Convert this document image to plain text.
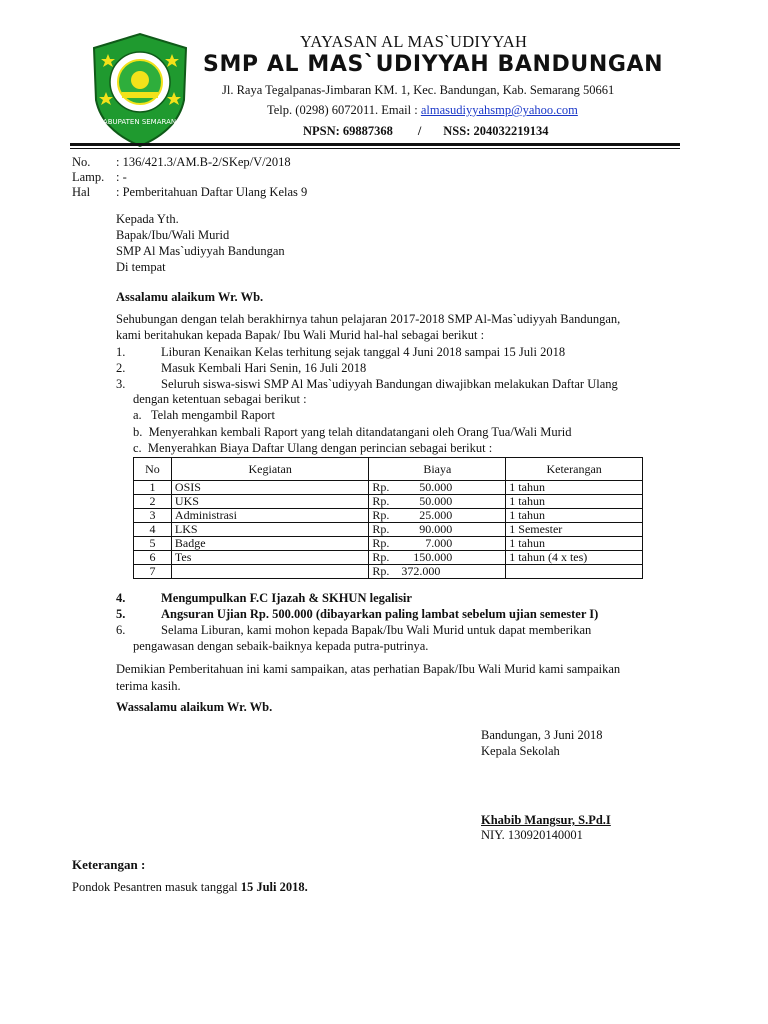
KABUPATEN SEMARANG
YAYASAN AL MAS`UDIYYAH
SMP AL MAS`UDIYYAH BANDUNGAN
Jl. Raya Tegalpanas-Jimbaran KM. 1, Kec. Bandungan, Kab. Semarang 50661
Telp. (0298) 6072011. Email : almasudiyyahsmp@yahoo.com
NPSN: 69887368        /       NSS: 204032219134
No. : 136/421.3/AM.B-2/SKep/V/2018
Lamp. : -
Hal : Pemberitahuan Daftar Ulang Kelas 9
Kepada Yth.
Bapak/Ibu/Wali Murid
SMP Al Mas`udiyyah Bandungan
Di tempat
Assalamu alaikum Wr. Wb.
Sehubungan dengan telah berakhirnya tahun pelajaran 2017-2018 SMP Al-Mas`udiyyah Bandungan,
kami beritahukan kepada Bapak/ Ibu Wali Murid hal-hal sebagai berikut :
1.	Liburan Kenaikan Kelas terhitung sejak tanggal 4 Juni 2018 sampai 15 Juli 2018
2.	Masuk Kembali Hari Senin, 16 Juli 2018
3.	Seluruh siswa-siswi SMP Al Mas`udiyyah Bandungan diwajibkan melakukan Daftar Ulang
dengan ketentuan sebagai berikut :
a.   Telah mengambil Raport
b.  Menyerahkan kembali Raport yang telah ditandatangani oleh Orang Tua/Wali Murid
c.  Menyerahkan Biaya Daftar Ulang dengan perincian sebagai berikut :
No	Kegiatan	Biaya	Keterangan
1	OSIS	Rp. 50.000	1 tahun
2	UKS	Rp. 50.000	1 tahun
3	Administrasi	Rp. 25.000	1 tahun
4	LKS	Rp. 90.000	1 Semester
5	Badge	Rp. 7.000	1 tahun
6	Tes	Rp. 150.000	1 tahun (4 x tes)
7		Rp.    372.000	
4.	Mengumpulkan F.C Ijazah & SKHUN legalisir
5.	Angsuran Ujian Rp. 500.000 (dibayarkan paling lambat sebelum ujian semester I)
6.	Selama Liburan, kami mohon kepada Bapak/Ibu Wali Murid untuk dapat memberikan
pengawasan dengan sebaik-baiknya kepada putra-putrinya.
Demikian Pemberitahuan ini kami sampaikan, atas perhatian Bapak/Ibu Wali Murid kami sampaikan
terima kasih.
Wassalamu alaikum Wr. Wb.
Bandungan, 3 Juni 2018
Kepala Sekolah
Khabib Mangsur, S.Pd.I
NIY. 130920140001
Keterangan :
Pondok Pesantren masuk tanggal 15 Juli 2018.
